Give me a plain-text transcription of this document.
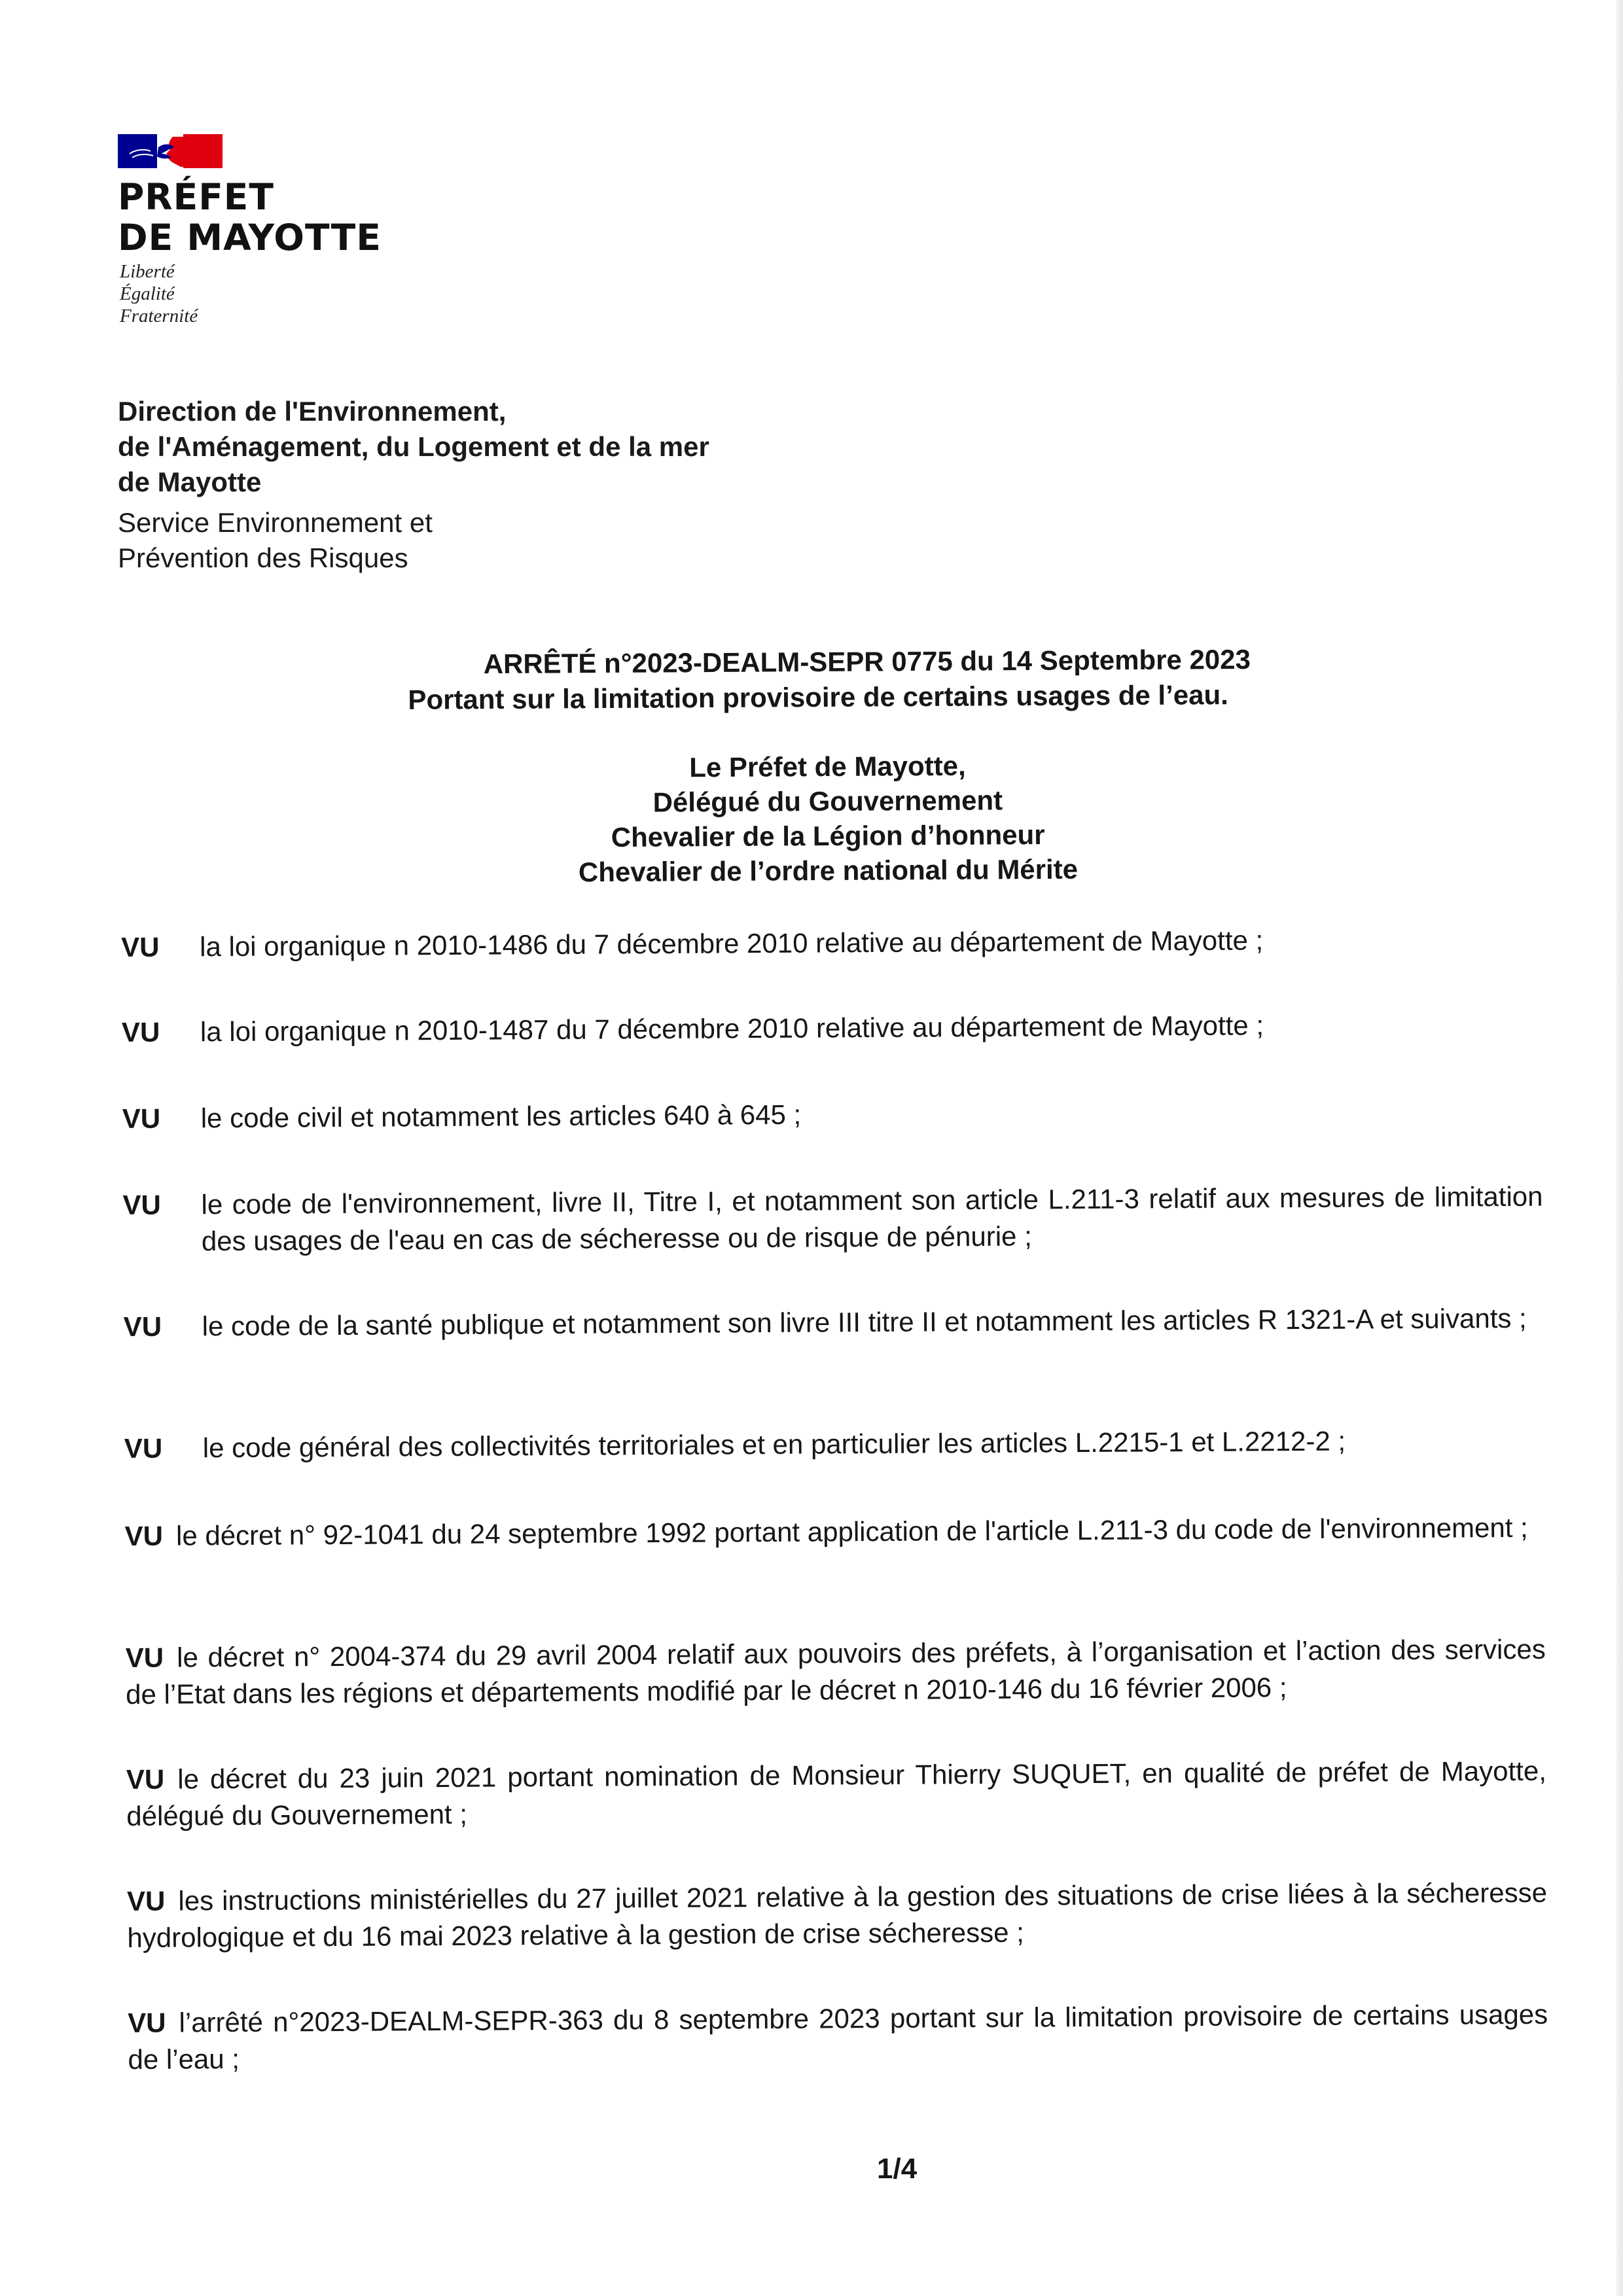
PRÉFET
DE MAYOTTE
Liberté
Égalité
Fraternité
Direction de l'Environnement,
de l'Aménagement, du Logement et de la mer
de Mayotte
Service Environnement et
Prévention des Risques
ARRÊTÉ n°2023-DEALM-SEPR 0775 du 14 Septembre 2023
Portant sur la limitation provisoire de certains usages de l’eau.
Le Préfet de Mayotte,
Délégué du Gouvernement
Chevalier de la Légion d’honneur
Chevalier de l’ordre national du Mérite
VU la loi organique n 2010-1486 du 7 décembre 2010 relative au département de Mayotte ;
VU la loi organique n 2010-1487 du 7 décembre 2010 relative au département de Mayotte ;
VU le code civil et notamment les articles 640 à 645 ;
VU le code de l'environnement, livre II, Titre I, et notamment son article L.211-3 relatif aux mesures de limitation des usages de l'eau en cas de sécheresse ou de risque de pénurie ;
VU le code de la santé publique et notamment son livre III titre II et notamment les articles R 1321-A et suivants ;
VU le code général des collectivités territoriales et en particulier les articles L.2215-1 et L.2212-2 ;
VU le décret n° 92-1041 du 24 septembre 1992 portant application de l'article L.211-3 du code de l'environnement ;
VU le décret n° 2004-374 du 29 avril 2004 relatif aux pouvoirs des préfets, à l’organisation et l’action des services de l’Etat dans les régions et départements modifié par le décret n 2010-146 du 16 février 2006 ;
VU le décret du 23 juin 2021 portant nomination de Monsieur Thierry SUQUET, en qualité de préfet de Mayotte, délégué du Gouvernement ;
VU les instructions ministérielles du 27 juillet 2021 relative à la gestion des situations de crise liées à la sécheresse hydrologique et du 16 mai 2023 relative à la gestion de crise sécheresse ;
VU l’arrêté n°2023-DEALM-SEPR-363 du 8 septembre 2023 portant sur la limitation provisoire de certains usages de l’eau ;
1/4
